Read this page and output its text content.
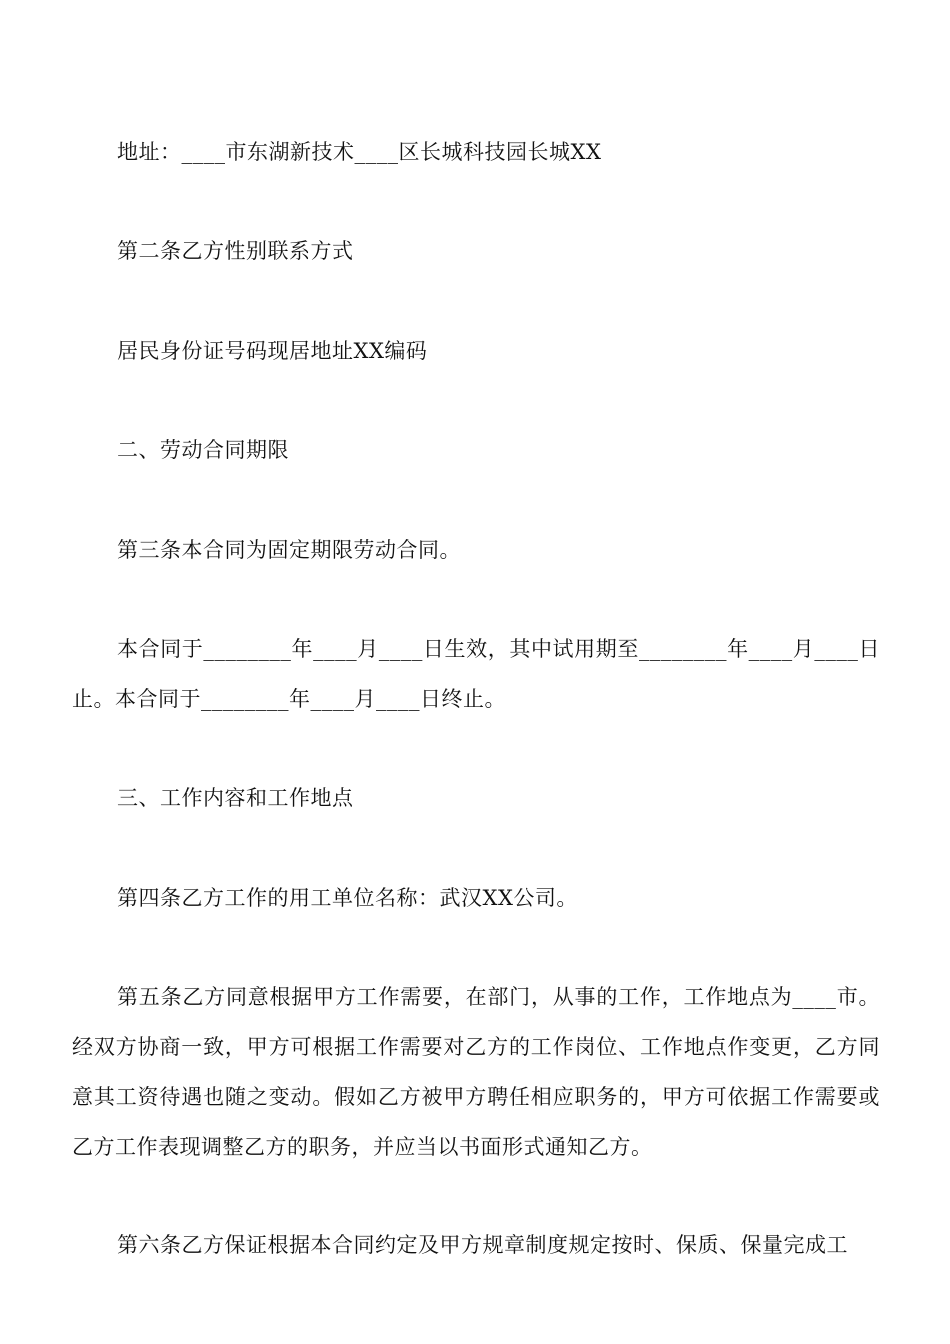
地址：____市东湖新技术____区长城科技园长城XX
第二条乙方性别联系方式
居民身份证号码现居地址XX编码
二、劳动合同期限
第三条本合同为固定期限劳动合同。
本合同于________年____月____日生效，其中试用期至________年____月____日止。本合同于________年____月____日终止。
三、工作内容和工作地点
第四条乙方工作的用工单位名称：武汉XX公司。
第五条乙方同意根据甲方工作需要，在部门，从事的工作，工作地点为____市。经双方协商一致，甲方可根据工作需要对乙方的工作岗位、工作地点作变更，乙方同意其工资待遇也随之变动。假如乙方被甲方聘任相应职务的，甲方可依据工作需要或乙方工作表现调整乙方的职务，并应当以书面形式通知乙方。
第六条乙方保证根据本合同约定及甲方规章制度规定按时、保质、保量完成工
